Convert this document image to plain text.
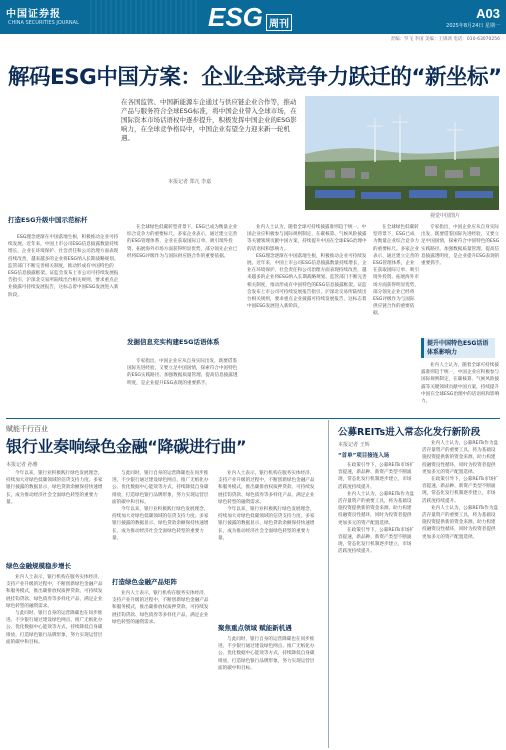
中国证券报
CHINA SECURITIES JOURNAL	ESG 周刊
A03
2025年8月24日 星期一
责编：罗飞 李国 美编：王锦鸿 电话：010-63070256
解码ESG中国方案：企业全球竞争力跃迁的“新坐标”
在各国监管、中国新能源车企通过与供应链企业合作等，推动产品与服务符合全球ESG标准，将中国企业带入全球市场，在国际资本市场话语权中逐步提升，积极发挥中国企业的ESG影响力，在全球竞争格局中，中国企业有望全力迎来新一轮机遇。
本报记者 郑凡 李嘉
视觉中国图片
打造ESG升级中国示范标杆

ESG理念逐渐在中国落地生根，积极推动企业可持续发展。近年来，中国上市公司ESG信息披露数量持续增长，企业在环境保护、社会责任和公司治理方面表现持续改善，越来越多的企业将ESG纳入长期战略规划。监管部门不断完善相关制度，推动形成有中国特色的ESG信息披露框架。证监会发布上市公司可持续发展报告指引，沪深北交易所陆续出台相关规则，要求重点企业披露可持续发展报告，这标志着中国ESG发展进入新阶段。

在全球绿色低碳转型背景下，ESG已成为衡量企业综合竞争力的重要标尺。多家企业表示，通过建立完善的ESG管理体系，企业在获取国际订单、吸引境外投资、拓展海外市场方面获得明显优势，部分领先企业已经将ESG评级作为与国际供应链合作的重要依据。

发掘信息充实构建ESG话语体系

专家指出，中国企业应从自身实际出发，既要借鉴国际先进经验，又要立足中国国情，探索符合中国特色的ESG实践路径。加强数据质量管理、提高信息披露透明度，是企业提升ESG表现的重要抓手。

业内人士认为，随着全球可持续披露准则趋于统一，中国企业应积极参与国际规则制定，在碳核算、气候风险披露等关键领域贡献中国方案，持续提升中国在全球ESG治理中的话语权和影响力。

ESG理念逐渐在中国落地生根，积极推动企业可持续发展。近年来，中国上市公司ESG信息披露数量持续增长，企业在环境保护、社会责任和公司治理方面表现持续改善，越来越多的企业将ESG纳入长期战略规划。监管部门不断完善相关制度，推动形成有中国特色的ESG信息披露框架。证监会发布上市公司可持续发展报告指引，沪深北交易所陆续出台相关规则，要求重点企业披露可持续发展报告，这标志着中国ESG发展进入新阶段。

在全球绿色低碳转型背景下，ESG已成为衡量企业综合竞争力的重要标尺。多家企业表示，通过建立完善的ESG管理体系，企业在获取国际订单、吸引境外投资、拓展海外市场方面获得明显优势，部分领先企业已经将ESG评级作为与国际供应链合作的重要依据。

提升中国特色ESG话语体系影响力

专家指出，中国企业应从自身实际出发，既要借鉴国际先进经验，又要立足中国国情，探索符合中国特色的ESG实践路径。加强数据质量管理、提高信息披露透明度，是企业提升ESG表现的重要抓手。

业内人士认为，随着全球可持续披露准则趋于统一，中国企业应积极参与国际规则制定，在碳核算、气候风险披露等关键领域贡献中国方案，持续提升中国在全球ESG治理中的话语权和影响力。

赋能千行百业
银行业奏响绿色金融“降碳进行曲”
本报记者 孙雅

今年以来，银行业积极践行绿色发展理念，持续加大对绿色低碳领域的信贷支持力度。多家银行披露的数据显示，绿色贷款余额保持快速增长，成为推动经济社会全面绿色转型的重要力量。

绿色金融规模稳步增长

业内人士表示，银行机构在服务实体经济、支持产业升级的过程中，不断创新绿色金融产品和服务模式，推出碳排放权质押贷款、可持续发展挂钩贷款、绿色债券等多样化产品，满足企业绿色转型的融资需求。

与此同时，银行自身的运营降碳也在同步推进。不少银行通过建设绿色网点、推广无纸化办公、优化数据中心能效等方式，持续降低自身碳排放，打造绿色银行品牌形象，努力实现运营层面的碳中和目标。

与此同时，银行自身的运营降碳也在同步推进。不少银行通过建设绿色网点、推广无纸化办公、优化数据中心能效等方式，持续降低自身碳排放，打造绿色银行品牌形象，努力实现运营层面的碳中和目标。

今年以来，银行业积极践行绿色发展理念，持续加大对绿色低碳领域的信贷支持力度。多家银行披露的数据显示，绿色贷款余额保持快速增长，成为推动经济社会全面绿色转型的重要力量。

打造绿色金融产品矩阵

业内人士表示，银行机构在服务实体经济、支持产业升级的过程中，不断创新绿色金融产品和服务模式，推出碳排放权质押贷款、可持续发展挂钩贷款、绿色债券等多样化产品，满足企业绿色转型的融资需求。

业内人士表示，银行机构在服务实体经济、支持产业升级的过程中，不断创新绿色金融产品和服务模式，推出碳排放权质押贷款、可持续发展挂钩贷款、绿色债券等多样化产品，满足企业绿色转型的融资需求。

今年以来，银行业积极践行绿色发展理念，持续加大对绿色低碳领域的信贷支持力度。多家银行披露的数据显示，绿色贷款余额保持快速增长，成为推动经济社会全面绿色转型的重要力量。

聚焦重点领域 赋能新机遇

与此同时，银行自身的运营降碳也在同步推进。不少银行通过建设绿色网点、推广无纸化办公、优化数据中心能效等方式，持续降低自身碳排放，打造绿色银行品牌形象，努力实现运营层面的碳中和目标。

公募REITs进入常态化发行新阶段
本报记者 王辉
“首单”项目接连入场

在政策引导下，公募REITs市场扩容提速，新品种、新资产类型不断涌现，常态化发行机制逐步建立，市场活跃度持续提升。

业内人士认为，公募REITs作为盘活存量资产的重要工具，将为基础设施投资提供新的资金来源，助力构建投融资良性循环，同时为投资者提供更加多元的资产配置选择。

在政策引导下，公募REITs市场扩容提速，新品种、新资产类型不断涌现，常态化发行机制逐步建立，市场活跃度持续提升。

业内人士认为，公募REITs作为盘活存量资产的重要工具，将为基础设施投资提供新的资金来源，助力构建投融资良性循环，同时为投资者提供更加多元的资产配置选择。

在政策引导下，公募REITs市场扩容提速，新品种、新资产类型不断涌现，常态化发行机制逐步建立，市场活跃度持续提升。

业内人士认为，公募REITs作为盘活存量资产的重要工具，将为基础设施投资提供新的资金来源，助力构建投融资良性循环，同时为投资者提供更加多元的资产配置选择。
